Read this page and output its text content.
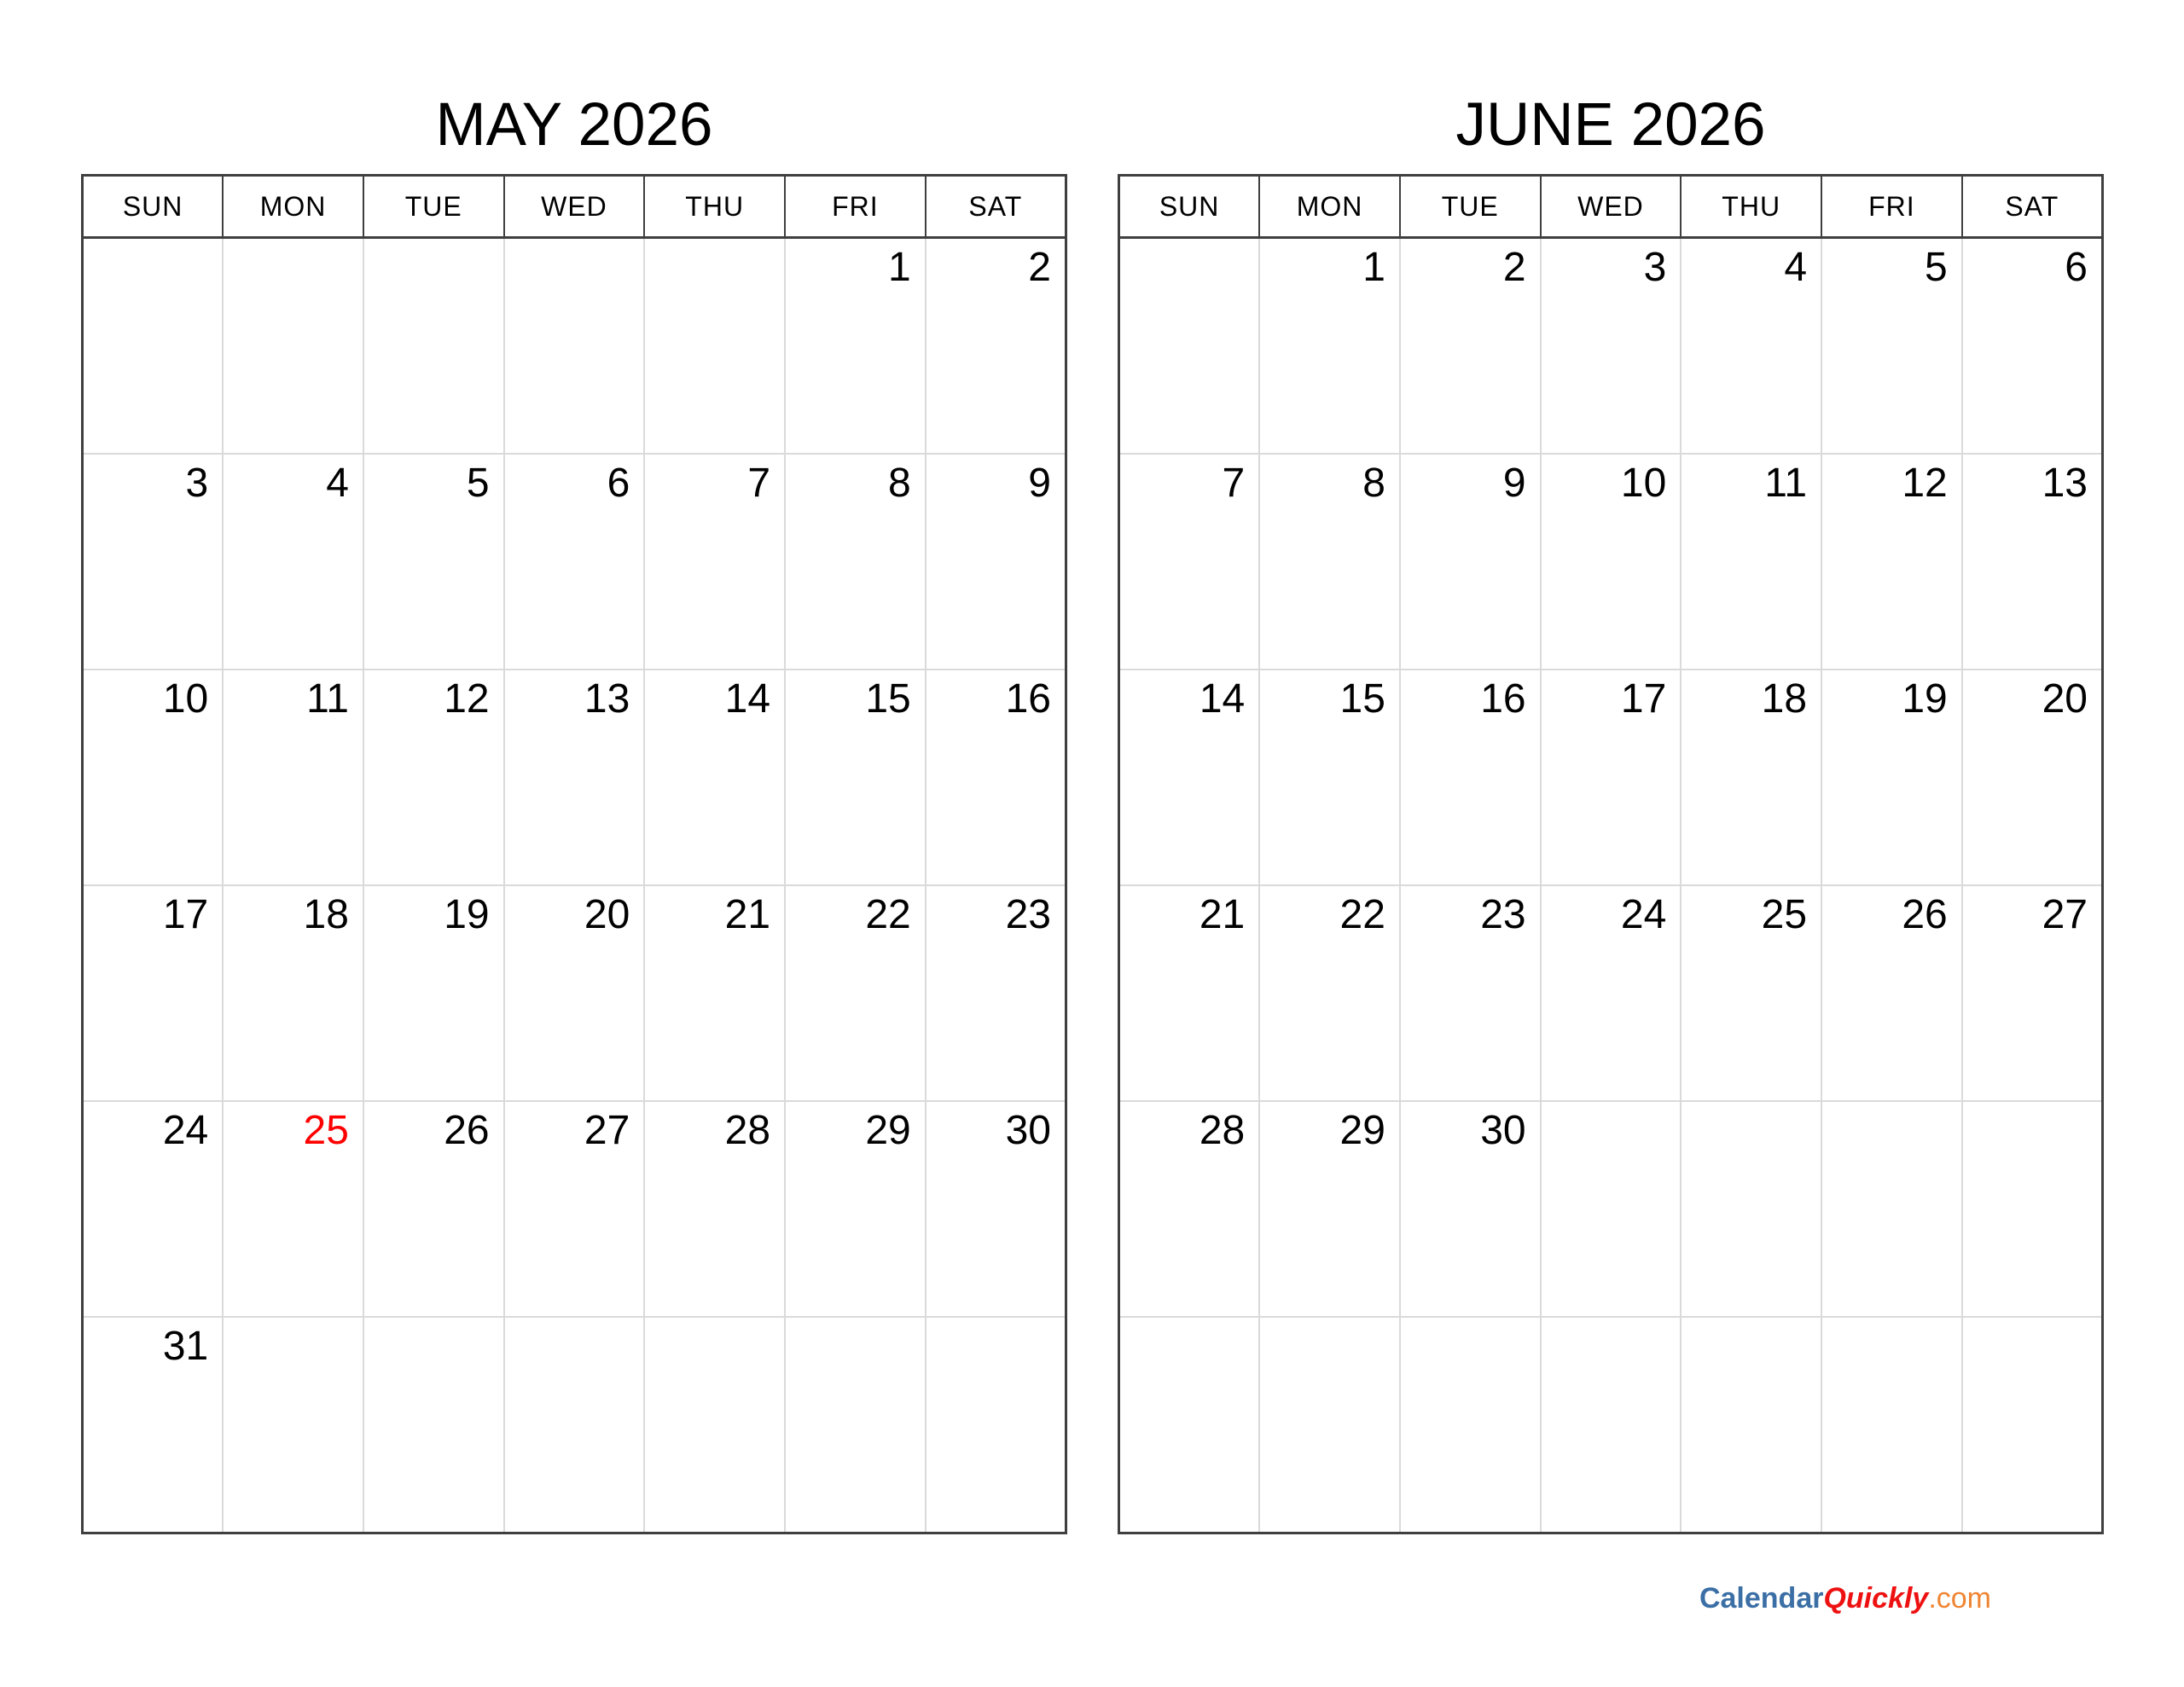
MAY 2026
SUN	MON	TUE	WED	THU	FRI	SAT
					1	2
3	4	5	6	7	8	9
10	11	12	13	14	15	16
17	18	19	20	21	22	23
24	25	26	27	28	29	30
31						
JUNE 2026
SUN	MON	TUE	WED	THU	FRI	SAT
	1	2	3	4	5	6
7	8	9	10	11	12	13
14	15	16	17	18	19	20
21	22	23	24	25	26	27
28	29	30				

CalendarQuickly.com
